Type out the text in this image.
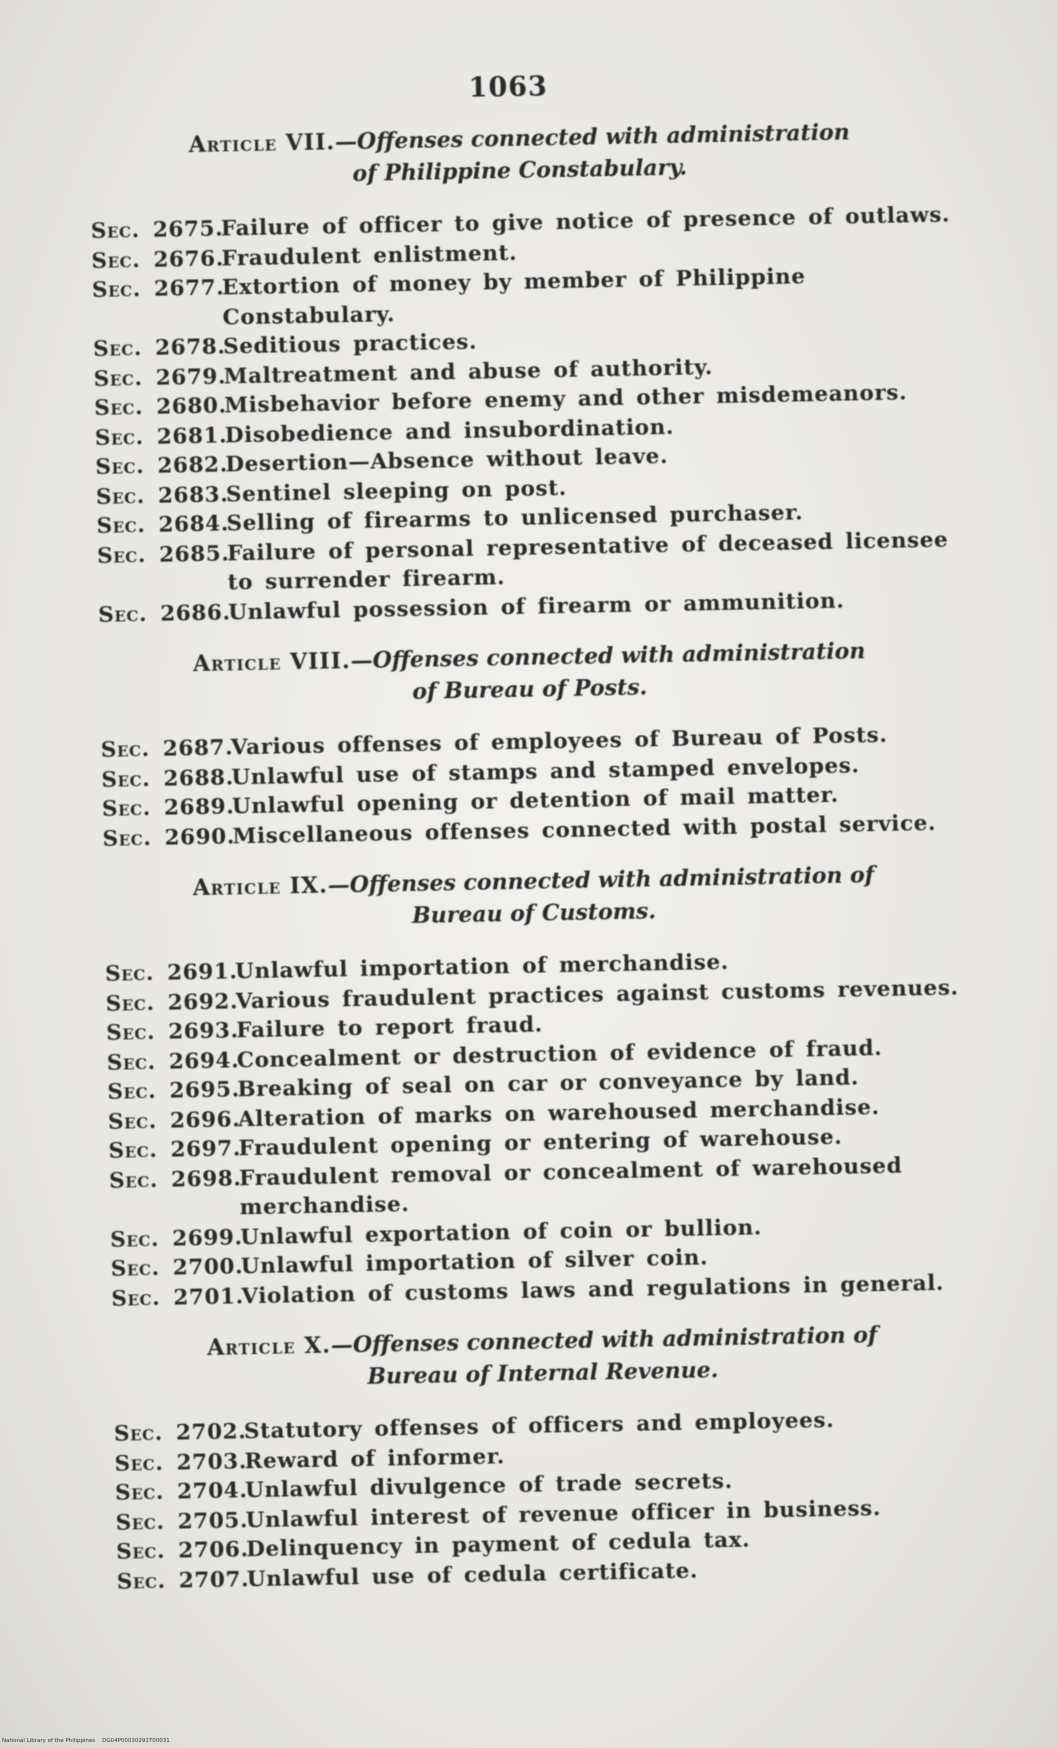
1063
Article VII.—Offenses connected with administration
of Philippine Constabulary.
Sec. 2675.
Failure of officer to give notice of presence of outlaws.
Sec. 2676.
Fraudulent enlistment.
Sec. 2677.
Extortion of money by member of Philippine Constabulary.
Sec. 2678.
Seditious practices.
Sec. 2679.
Maltreatment and abuse of authority.
Sec. 2680.
Misbehavior before enemy and other misdemeanors.
Sec. 2681.
Disobedience and insubordination.
Sec. 2682.
Desertion—Absence without leave.
Sec. 2683.
Sentinel sleeping on post.
Sec. 2684.
Selling of firearms to unlicensed purchaser.
Sec. 2685.
Failure of personal representative of deceased licensee to surrender firearm.
Sec. 2686.
Unlawful possession of firearm or ammunition.
Article VIII.—Offenses connected with administration
of Bureau of Posts.
Sec. 2687.
Various offenses of employees of Bureau of Posts.
Sec. 2688.
Unlawful use of stamps and stamped envelopes.
Sec. 2689.
Unlawful opening or detention of mail matter.
Sec. 2690.
Miscellaneous offenses connected with postal service.
Article IX.—Offenses connected with administration of
Bureau of Customs.
Sec. 2691.
Unlawful importation of merchandise.
Sec. 2692.
Various fraudulent practices against customs revenues.
Sec. 2693.
Failure to report fraud.
Sec. 2694.
Concealment or destruction of evidence of fraud.
Sec. 2695.
Breaking of seal on car or conveyance by land.
Sec. 2696.
Alteration of marks on warehoused merchandise.
Sec. 2697.
Fraudulent opening or entering of warehouse.
Sec. 2698.
Fraudulent removal or concealment of warehoused merchandise.
Sec. 2699.
Unlawful exportation of coin or bullion.
Sec. 2700.
Unlawful importation of silver coin.
Sec. 2701.
Violation of customs laws and regulations in general.
Article X.—Offenses connected with administration of
Bureau of Internal Revenue.
Sec. 2702.
Statutory offenses of officers and employees.
Sec. 2703.
Reward of informer.
Sec. 2704.
Unlawful divulgence of trade secrets.
Sec. 2705.
Unlawful interest of revenue officer in business.
Sec. 2706.
Delinquency in payment of cedula tax.
Sec. 2707.
Unlawful use of cedula certificate.
National Library of the Philippines DG04P00030291T00031
